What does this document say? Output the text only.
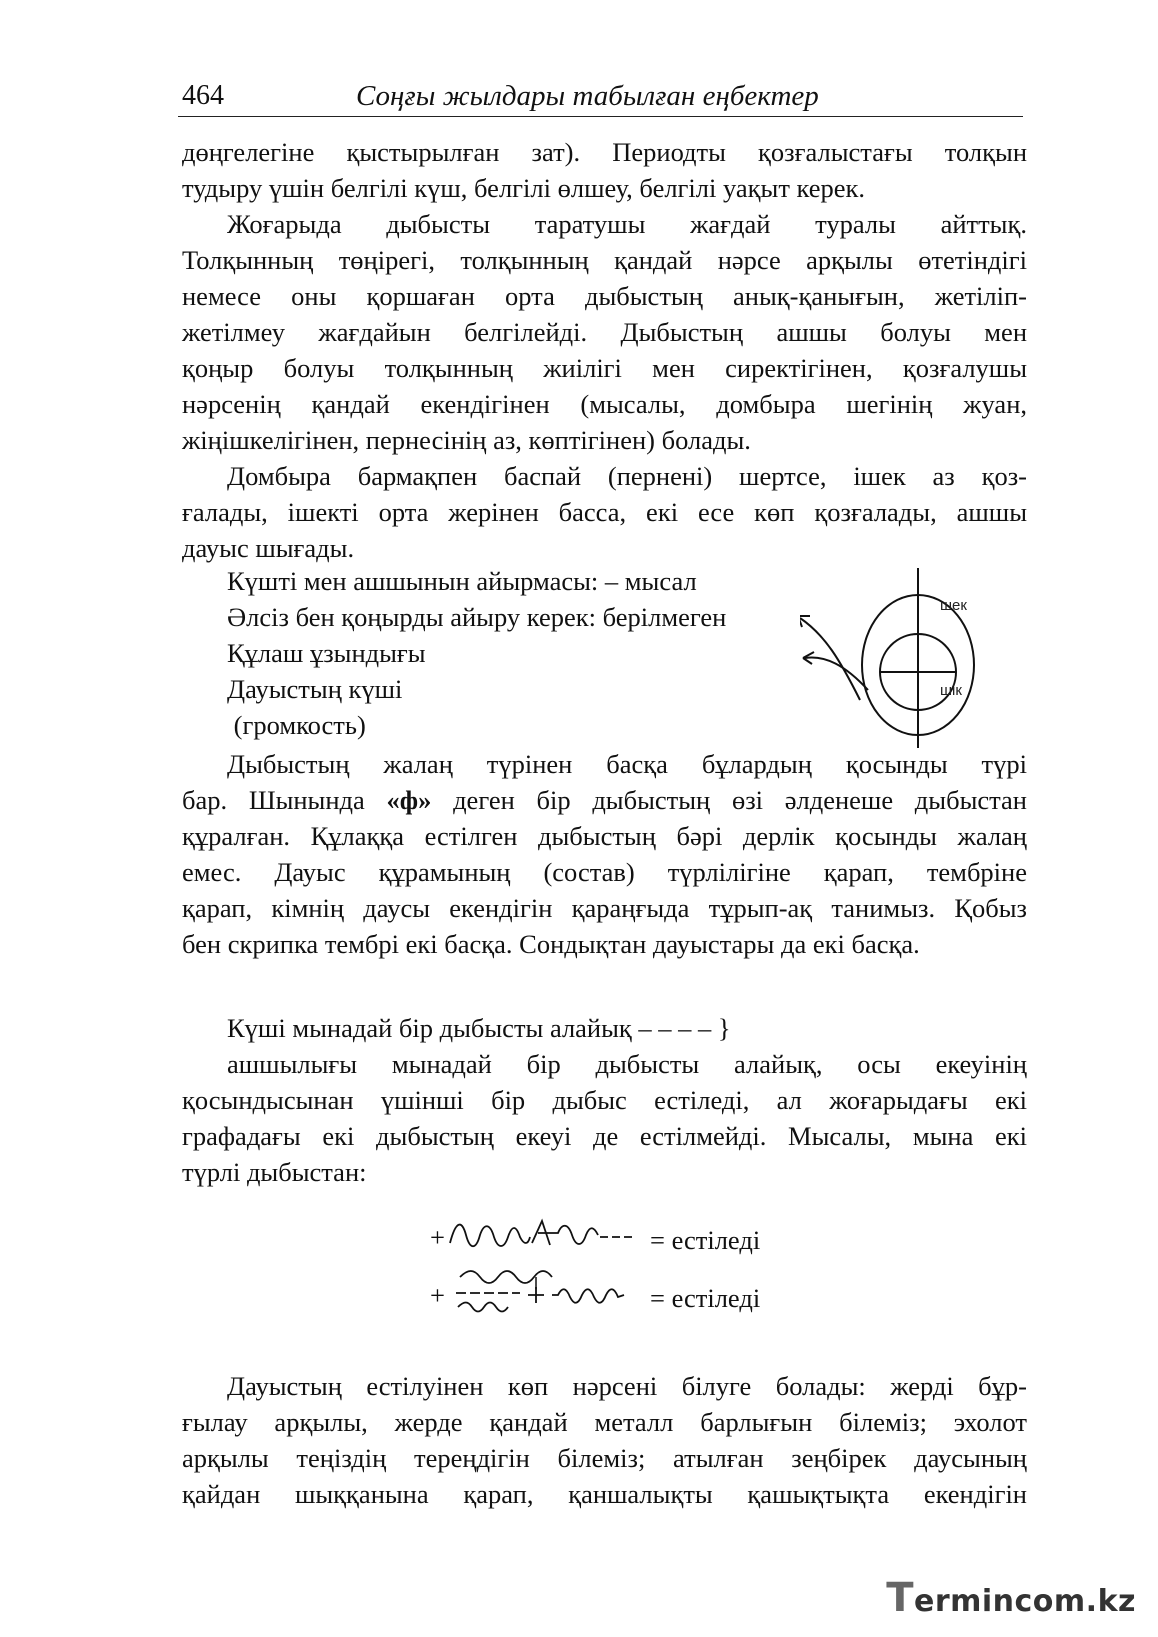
464	Соңғы жылдары табылған еңбектер
дөңгелегіне қыстырылған зат). Периодты қозғалыстағы толқын
тудыру үшін белгілі күш, белгілі өлшеу, белгілі уақыт керек.
Жоғарыда дыбысты таратушы жағдай туралы айттық.
Толқынның төңірегі, толқынның қандай нәрсе арқылы өтетіндігі
немесе оны қоршаған орта дыбыстың анық-қанығын, жетіліп-
жетілмеу жағдайын белгілейді. Дыбыстың ашшы болуы мен
қоңыр болуы толқынның жиілігі мен сиректігінен, қозғалушы
нәрсенің қандай екендігінен (мысалы, домбыра шегінің жуан,
жіңішкелігінен, пернесінің аз, көптігінен) болады.
Домбыра бармақпен баспай (пернені) шертсе, ішек аз қоз-
ғалады, ішекті орта жерінен басса, екі есе көп қозғалады, ашшы
дауыс шығады.
Күшті мен ашшынын айырмасы: – мысал
Әлсіз бен қоңырды айыру керек: берілмеген
Құлаш ұзындығы
Дауыстың күші
(громкость)
шек
шік
Дыбыстың жалаң түрінен басқа бұлардың қосынды түрі
бар. Шынында «ф» деген бір дыбыстың өзі әлденеше дыбыстан
құралған. Құлаққа естілген дыбыстың бәрі дерлік қосынды жалаң
емес. Дауыс құрамының (состав) түрлілігіне қарап, тембріне
қарап, кімнің даусы екендігін қараңғыда тұрып-ақ танимыз. Қобыз
бен скрипка тембрі екі басқа. Сондықтан дауыстары да екі басқа.
Күші мынадай бір дыбысты алайық – – – – }
ашшылығы мынадай бір дыбысты алайық, осы екеуінің
қосындысынан үшінші бір дыбыс естіледі, ал жоғарыдағы екі
графадағы екі дыбыстың екеуі де естілмейді. Мысалы, мына екі
түрлі дыбыстан:
+	= естіледі
+	= естіледі
Дауыстың естілуінен көп нәрсені білуге болады: жерді бұр-
ғылау арқылы, жерде қандай металл барлығын білеміз; эхолот
арқылы теңіздің тереңдігін білеміз; атылған зеңбірек даусының
қайдан шыққанына қарап, қаншалықты қашықтықта екендігін
Termincom.kz
